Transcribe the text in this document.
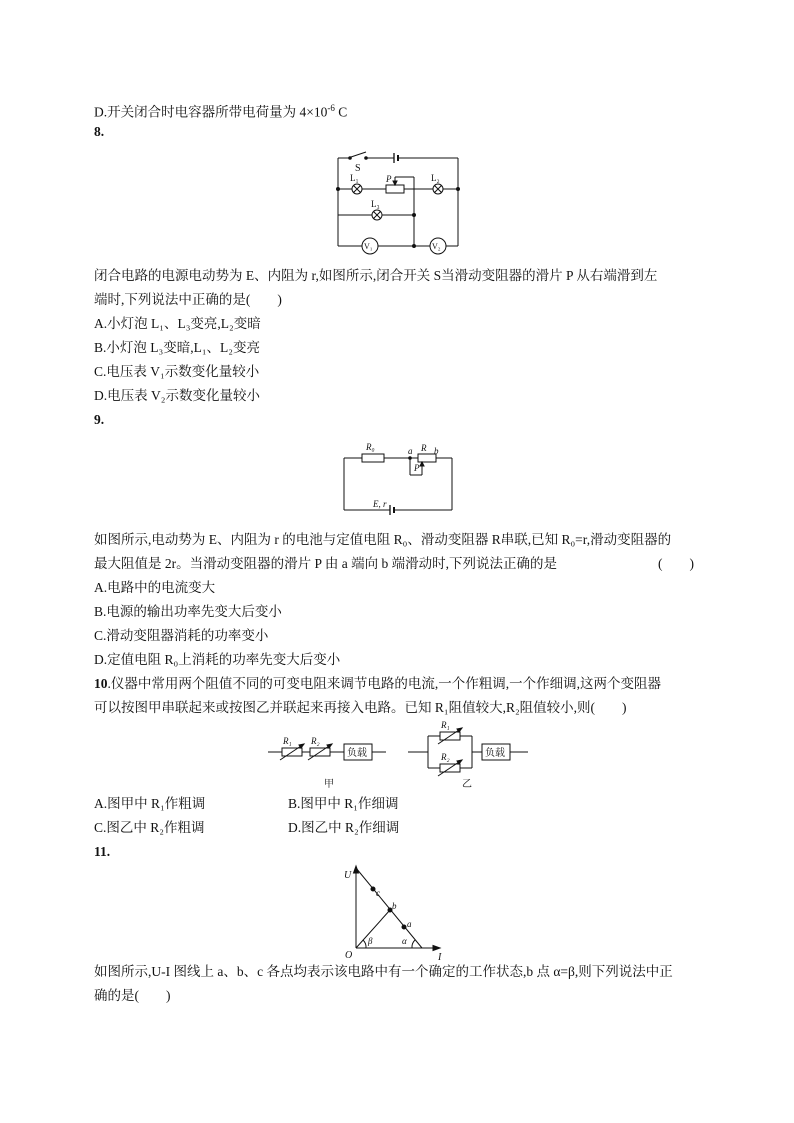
D.开关闭合时电容器所带电荷量为 $4\times 10^{-6}$ C
8.
S
L₁	L₂
L₃
P
V₁	V₂
闭合电路的电源电动势为 E、内阻为 r,如图所示,闭合开关 S当滑动变阻器的滑片 P 从右端滑到左
端时,下列说法中正确的是(　　)
A.小灯泡 L₁、L₃变亮,L₂变暗
B.小灯泡 L₃变暗,L₁、L₂变亮
C.电压表 V₁示数变化量较小
D.电压表 V₂示数变化量较小
9.
R₀	a R b
P
E, r
如图所示,电动势为 E、内阻为 r 的电池与定值电阻 R₀、滑动变阻器 R串联,已知 R₀=r,滑动变阻器的
最大阻值是 2r。当滑动变阻器的滑片 P 由 a 端向 b 端滑动时,下列说法正确的是	(　　)
A.电路中的电流变大
B.电源的输出功率先变大后变小
C.滑动变阻器消耗的功率变小
D.定值电阻 R₀上消耗的功率先变大后变小
10.仪器中常用两个阻值不同的可变电阻来调节电路的电流,一个作粗调,一个作细调,这两个变阻器
可以按图甲串联起来或按图乙并联起来再接入电路。已知 R₁阻值较大,R₂阻值较小,则(　　)
R₁ R₂
负载
甲
R₁
R₂	负载
乙
A.图甲中 R₁作粗调	B.图甲中 R₁作细调
C.图乙中 R₂作粗调	D.图乙中 R₂作细调
11.
U
I
O
c
b
a
α
β
如图所示,U-I 图线上 a、b、c 各点均表示该电路中有一个确定的工作状态,b 点 α=β,则下列说法中正
确的是(　　)
